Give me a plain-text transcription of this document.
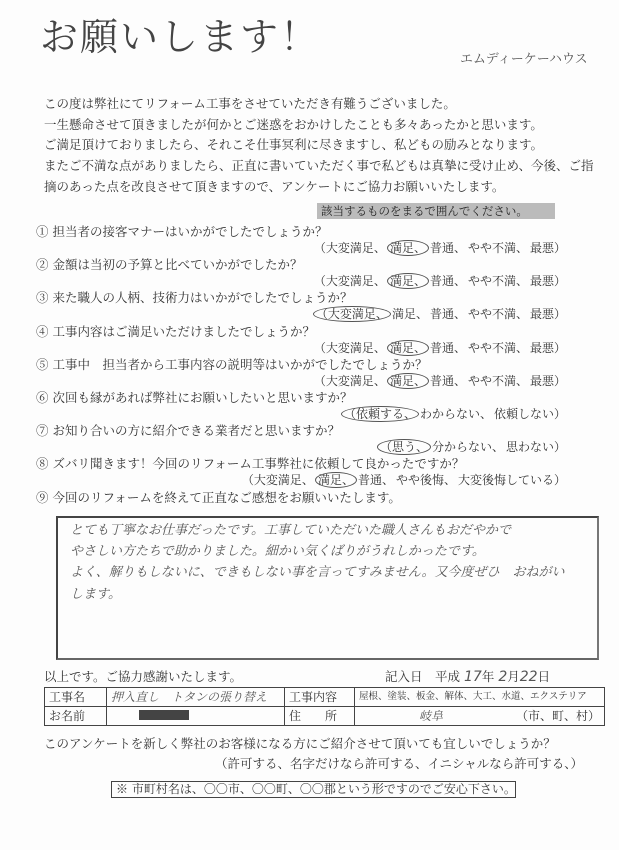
お願いします！
エムディーケーハウス
この度は弊社にてリフォーム工事をさせていただき有難うございました。
一生懸命させて頂きましたが何かとご迷惑をおかけしたことも多々あったかと思います。
ご満足頂けておりましたら、それこそ仕事冥利に尽きますし、私どもの励みとなります。
またご不満な点がありましたら、正直に書いていただく事で私どもは真摯に受け止め、今後、ご指
摘のあった点を改良させて頂きますので、アンケートにご協力お願いいたします。
該当するものをまるで囲んでください。
① 担当者の接客マナーはいかがでしたでしょうか？
（大変満足、 満足、 普通、 やや不満、 最悪）
② 金額は当初の予算と比べていかがでしたか？
（大変満足、 満足、 普通、 やや不満、 最悪）
③ 来た職人の人柄、技術力はいかがでしたでしょうか？
（大変満足、 満足、 普通、 やや不満、 最悪）
④ 工事内容はご満足いただけましたでしょうか？
（大変満足、 満足、 普通、 やや不満、 最悪）
⑤ 工事中　担当者から工事内容の説明等はいかがでしたでしょうか？
（大変満足、 満足、 普通、 やや不満、 最悪）
⑥ 次回も縁があれば弊社にお願いしたいと思いますか？
（依頼する、 わからない、 依頼しない）
⑦ お知り合いの方に紹介できる業者だと思いますか？
（思う、 分からない、 思わない）
⑧ ズバリ聞きます！今回のリフォーム工事弊社に依頼して良かったですか？
（大変満足、 満足、 普通、 やや後悔、 大変後悔している）
⑨ 今回のリフォームを終えて正直なご感想をお願いいたします。
とても丁寧なお仕事だったです。工事していただいた職人さんもおだやかで
やさしい方たちで助かりました。細かい気くばりがうれしかったです。
よく、解りもしないに、できもしない事を言ってすみません。又今度ぜひ　おねがい
します。
以上です。ご協力感謝いたします。	記入日　平成 17年 2月22日
工事名	押入直し　トタンの張り替え	工事内容	屋根、塗装、板金、解体、大工、水道、エクステリア
お名前		住　　所	岐阜 （市、町、村）
このアンケートを新しく弊社のお客様になる方にご紹介させて頂いても宜しいでしょうか？
（許可する、名字だけなら許可する、イニシャルなら許可する、）
※ 市町村名は、〇〇市、〇〇町、〇〇郡という形ですのでご安心下さい。
